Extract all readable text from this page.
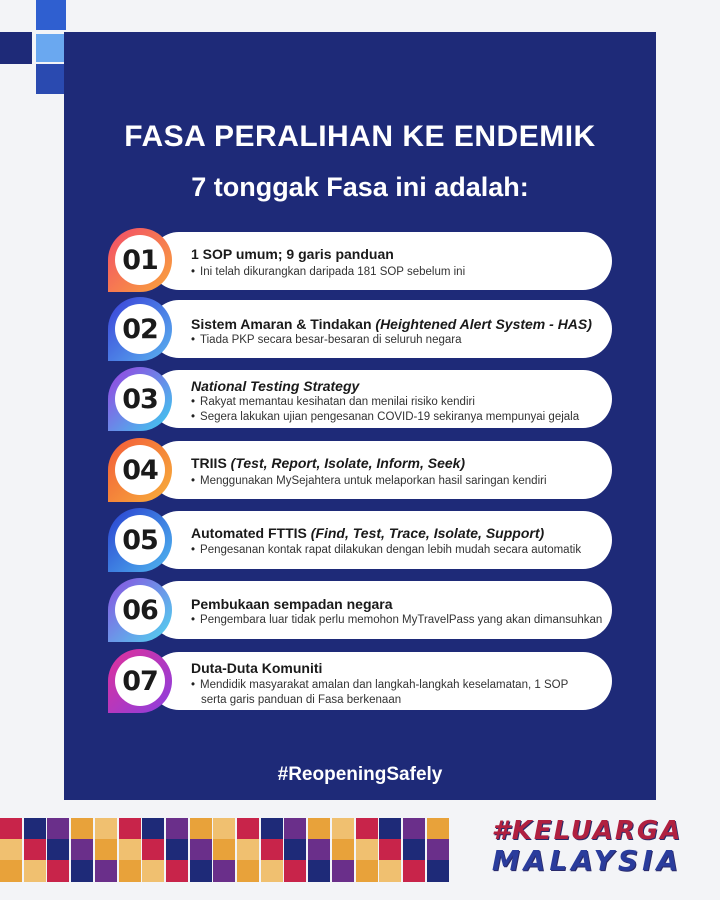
FASA PERALIHAN KE ENDEMIK
7 tonggak Fasa ini adalah:
01	1 SOP umum; 9 garis panduan
• Ini telah dikurangkan daripada 181 SOP sebelum ini
02	Sistem Amaran & Tindakan (Heightened Alert System - HAS)
• Tiada PKP secara besar-besaran di seluruh negara
03	National Testing Strategy
• Rakyat memantau kesihatan dan menilai risiko kendiri
• Segera lakukan ujian pengesanan COVID-19 sekiranya mempunyai gejala
04	TRIIS (Test, Report, Isolate, Inform, Seek)
• Menggunakan MySejahtera untuk melaporkan hasil saringan kendiri
05	Automated FTTIS (Find, Test, Trace, Isolate, Support)
• Pengesanan kontak rapat dilakukan dengan lebih mudah secara automatik
06	Pembukaan sempadan negara
• Pengembara luar tidak perlu memohon MyTravelPass yang akan dimansuhkan
07	Duta-Duta Komuniti
• Mendidik masyarakat amalan dan langkah-langkah keselamatan, 1 SOP
serta garis panduan di Fasa berkenaan
#ReopeningSafely
#KELUARGA
MALAYSIA
